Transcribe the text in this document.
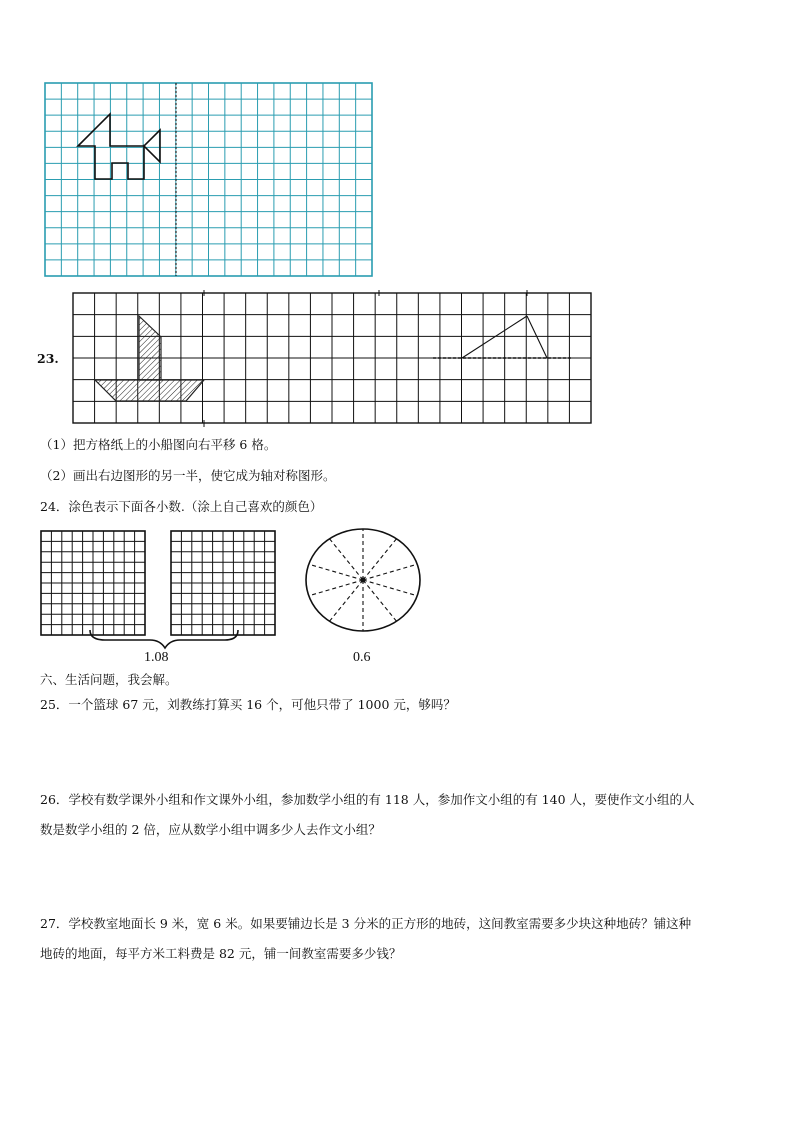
23.
（1）把方格纸上的小船图向右平移 6 格。
（2）画出右边图形的另一半，使它成为轴对称图形。
24．涂色表示下面各小数.（涂上自己喜欢的颜色）
1.08	0.6
六、生活问题，我会解。
25．一个篮球 67 元，刘教练打算买 16 个，可他只带了 1000 元，够吗？
26．学校有数学课外小组和作文课外小组，参加数学小组的有 118 人，参加作文小组的有 140 人，要使作文小组的人
数是数学小组的 2 倍，应从数学小组中调多少人去作文小组？
27．学校教室地面长 9 米，宽 6 米。如果要铺边长是 3 分米的正方形的地砖，这间教室需要多少块这种地砖？铺这种
地砖的地面，每平方米工料费是 82 元，铺一间教室需要多少钱？
